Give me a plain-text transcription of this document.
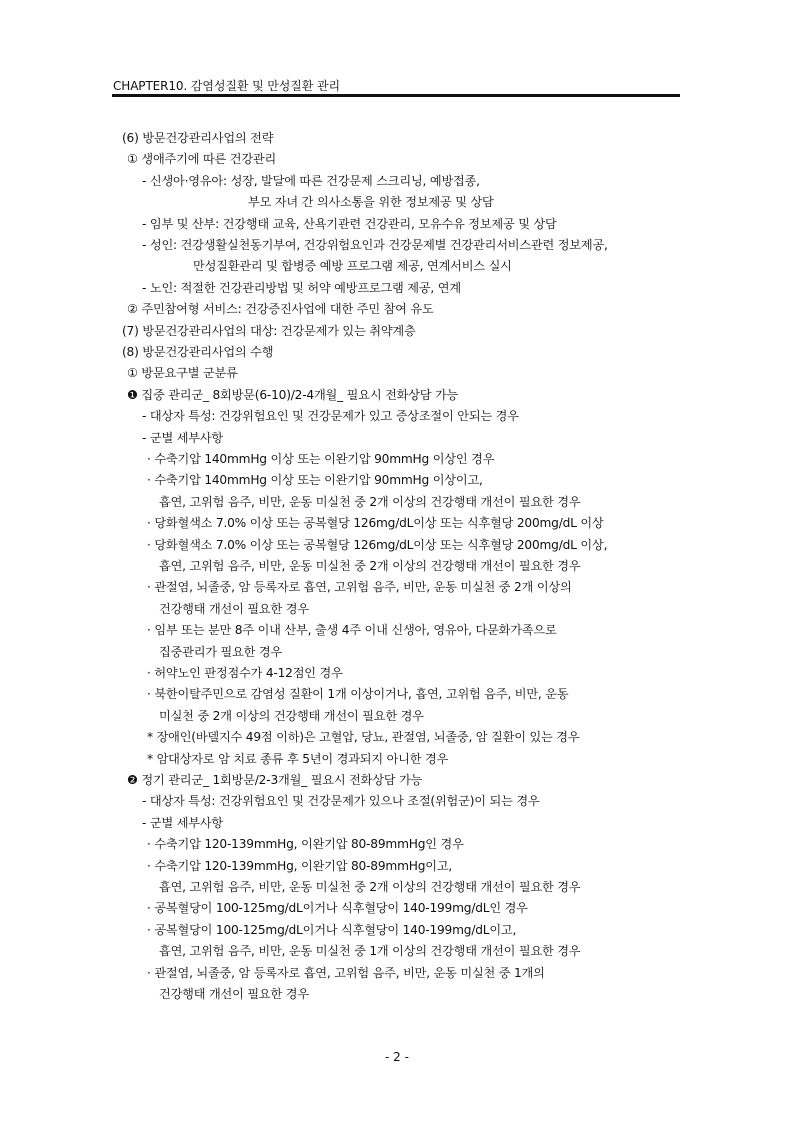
CHAPTER10. 감염성질환 및 만성질환 관리
(6) 방문건강관리사업의 전략
① 생애주기에 따른 건강관리
- 신생아·영유아: 성장, 발달에 따른 건강문제 스크리닝, 예방접종,
부모 자녀 간 의사소통을 위한 정보제공 및 상담
- 임부 및 산부: 건강행태 교육, 산욕기관련 건강관리, 모유수유 정보제공 및 상담
- 성인: 건강생활실천동기부여, 건강위험요인과 건강문제별 건강관리서비스관련 정보제공,
만성질환관리 및 합병증 예방 프로그램 제공, 연계서비스 실시
- 노인: 적절한 건강관리방법 및 허약 예방프로그램 제공, 연계
② 주민참여형 서비스: 건강증진사업에 대한 주민 참여 유도
(7) 방문건강관리사업의 대상: 건강문제가 있는 취약계층
(8) 방문건강관리사업의 수행
① 방문요구별 군분류
❶ 집중 관리군_ 8회방문(6-10)/2-4개월_ 필요시 전화상담 가능
- 대상자 특성: 건강위험요인 및 건강문제가 있고 증상조절이 안되는 경우
- 군별 세부사항
· 수축기압 140mmHg 이상 또는 이완기압 90mmHg 이상인 경우
· 수축기압 140mmHg 이상 또는 이완기압 90mmHg 이상이고,
흡연, 고위험 음주, 비만, 운동 미실천 중 2개 이상의 건강행태 개선이 필요한 경우
· 당화혈색소 7.0% 이상 또는 공복혈당 126mg/dL이상 또는 식후혈당 200mg/dL 이상
· 당화혈색소 7.0% 이상 또는 공복혈당 126mg/dL이상 또는 식후혈당 200mg/dL 이상,
흡연, 고위험 음주, 비만, 운동 미실천 중 2개 이상의 건강행태 개선이 필요한 경우
· 관절염, 뇌졸중, 암 등록자로 흡연, 고위험 음주, 비만, 운동 미실천 중 2개 이상의
건강행태 개선이 필요한 경우
· 임부 또는 분만 8주 이내 산부, 출생 4주 이내 신생아, 영유아, 다문화가족으로
집중관리가 필요한 경우
· 허약노인 판정점수가 4-12점인 경우
· 북한이탈주민으로 감염성 질환이 1개 이상이거나, 흡연, 고위험 음주, 비만, 운동
미실천 중 2개 이상의 건강행태 개선이 필요한 경우
* 장애인(바델지수 49점 이하)은 고혈압, 당뇨, 관절염, 뇌졸중, 암 질환이 있는 경우
* 암대상자로 암 치료 종류 후 5년이 경과되지 아니한 경우
❷ 정기 관리군_ 1회방문/2-3개월_ 필요시 전화상담 가능
- 대상자 특성: 건강위험요인 및 건강문제가 있으나 조절(위험군)이 되는 경우
- 군별 세부사항
· 수축기압 120-139mmHg, 이완기압 80-89mmHg인 경우
· 수축기압 120-139mmHg, 이완기압 80-89mmHg이고,
흡연, 고위험 음주, 비만, 운동 미실천 중 2개 이상의 건강행태 개선이 필요한 경우
· 공복혈당이 100-125mg/dL이거나 식후혈당이 140-199mg/dL인 경우
· 공복혈당이 100-125mg/dL이거나 식후혈당이 140-199mg/dL이고,
흡연, 고위험 음주, 비만, 운동 미실천 중 1개 이상의 건강행태 개선이 필요한 경우
· 관절염, 뇌졸중, 암 등록자로 흡연, 고위험 음주, 비만, 운동 미실천 중 1개의
건강행태 개선이 필요한 경우
- 2 -
